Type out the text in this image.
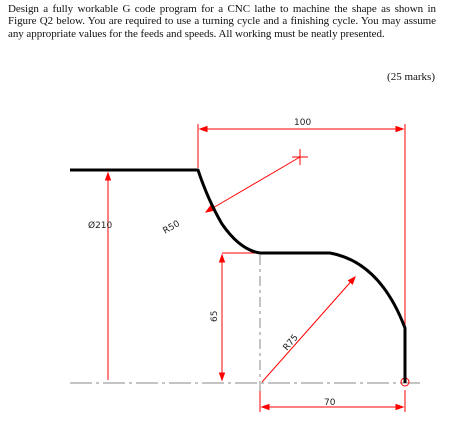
Design a fully workable G code program for a CNC lathe to machine the shape as shown in Figure Q2 below. You are required to use a turning cycle and a finishing cycle. You may assume any appropriate values for the feeds and speeds. All working must be neatly presented.
(25 marks)
100
Ø210	R50
65
R75
70
